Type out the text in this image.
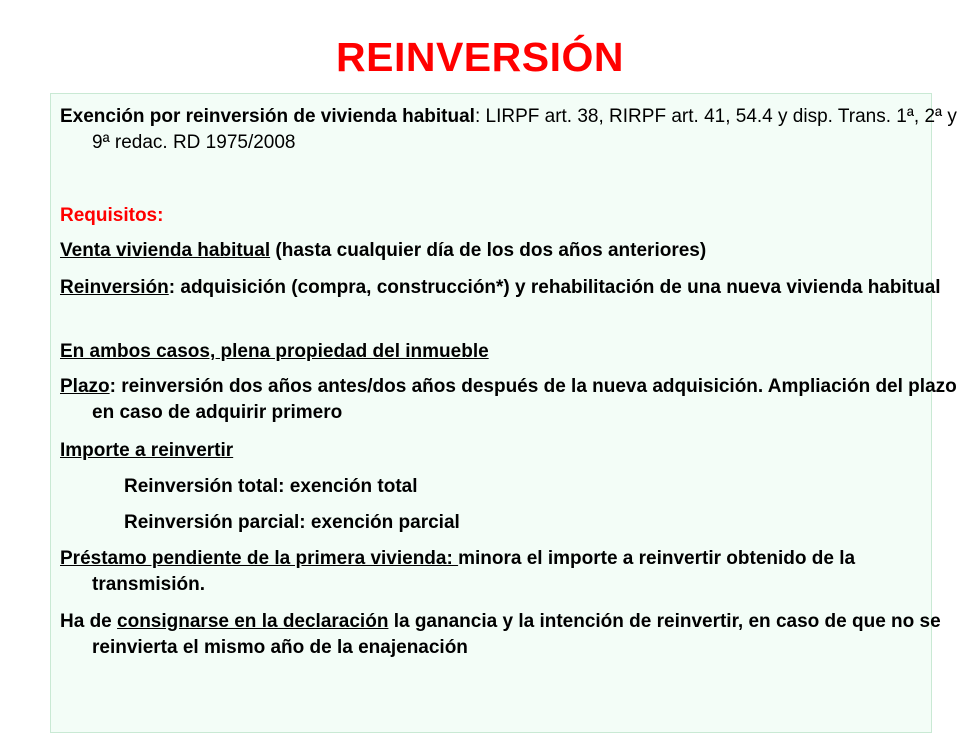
REINVERSIÓN

Exención por reinversión de vivienda habitual: LIRPF art. 38, RIRPF art. 41, 54.4 y disp. Trans. 1ª, 2ª y 9ª redac. RD 1975/2008

Requisitos:

Venta vivienda habitual (hasta cualquier día de los dos años anteriores)

Reinversión: adquisición (compra, construcción*) y rehabilitación de una nueva vivienda habitual

En ambos casos, plena propiedad del inmueble

Plazo: reinversión dos años antes/dos años después de la nueva adquisición. Ampliación del plazo en caso de adquirir primero

Importe a reinvertir

Reinversión total: exención total

Reinversión parcial: exención parcial

Préstamo pendiente de la primera vivienda: minora el importe a reinvertir obtenido de la transmisión.

Ha de consignarse en la declaración la ganancia y la intención de reinvertir, en caso de que no se reinvierta el mismo año de la enajenación
